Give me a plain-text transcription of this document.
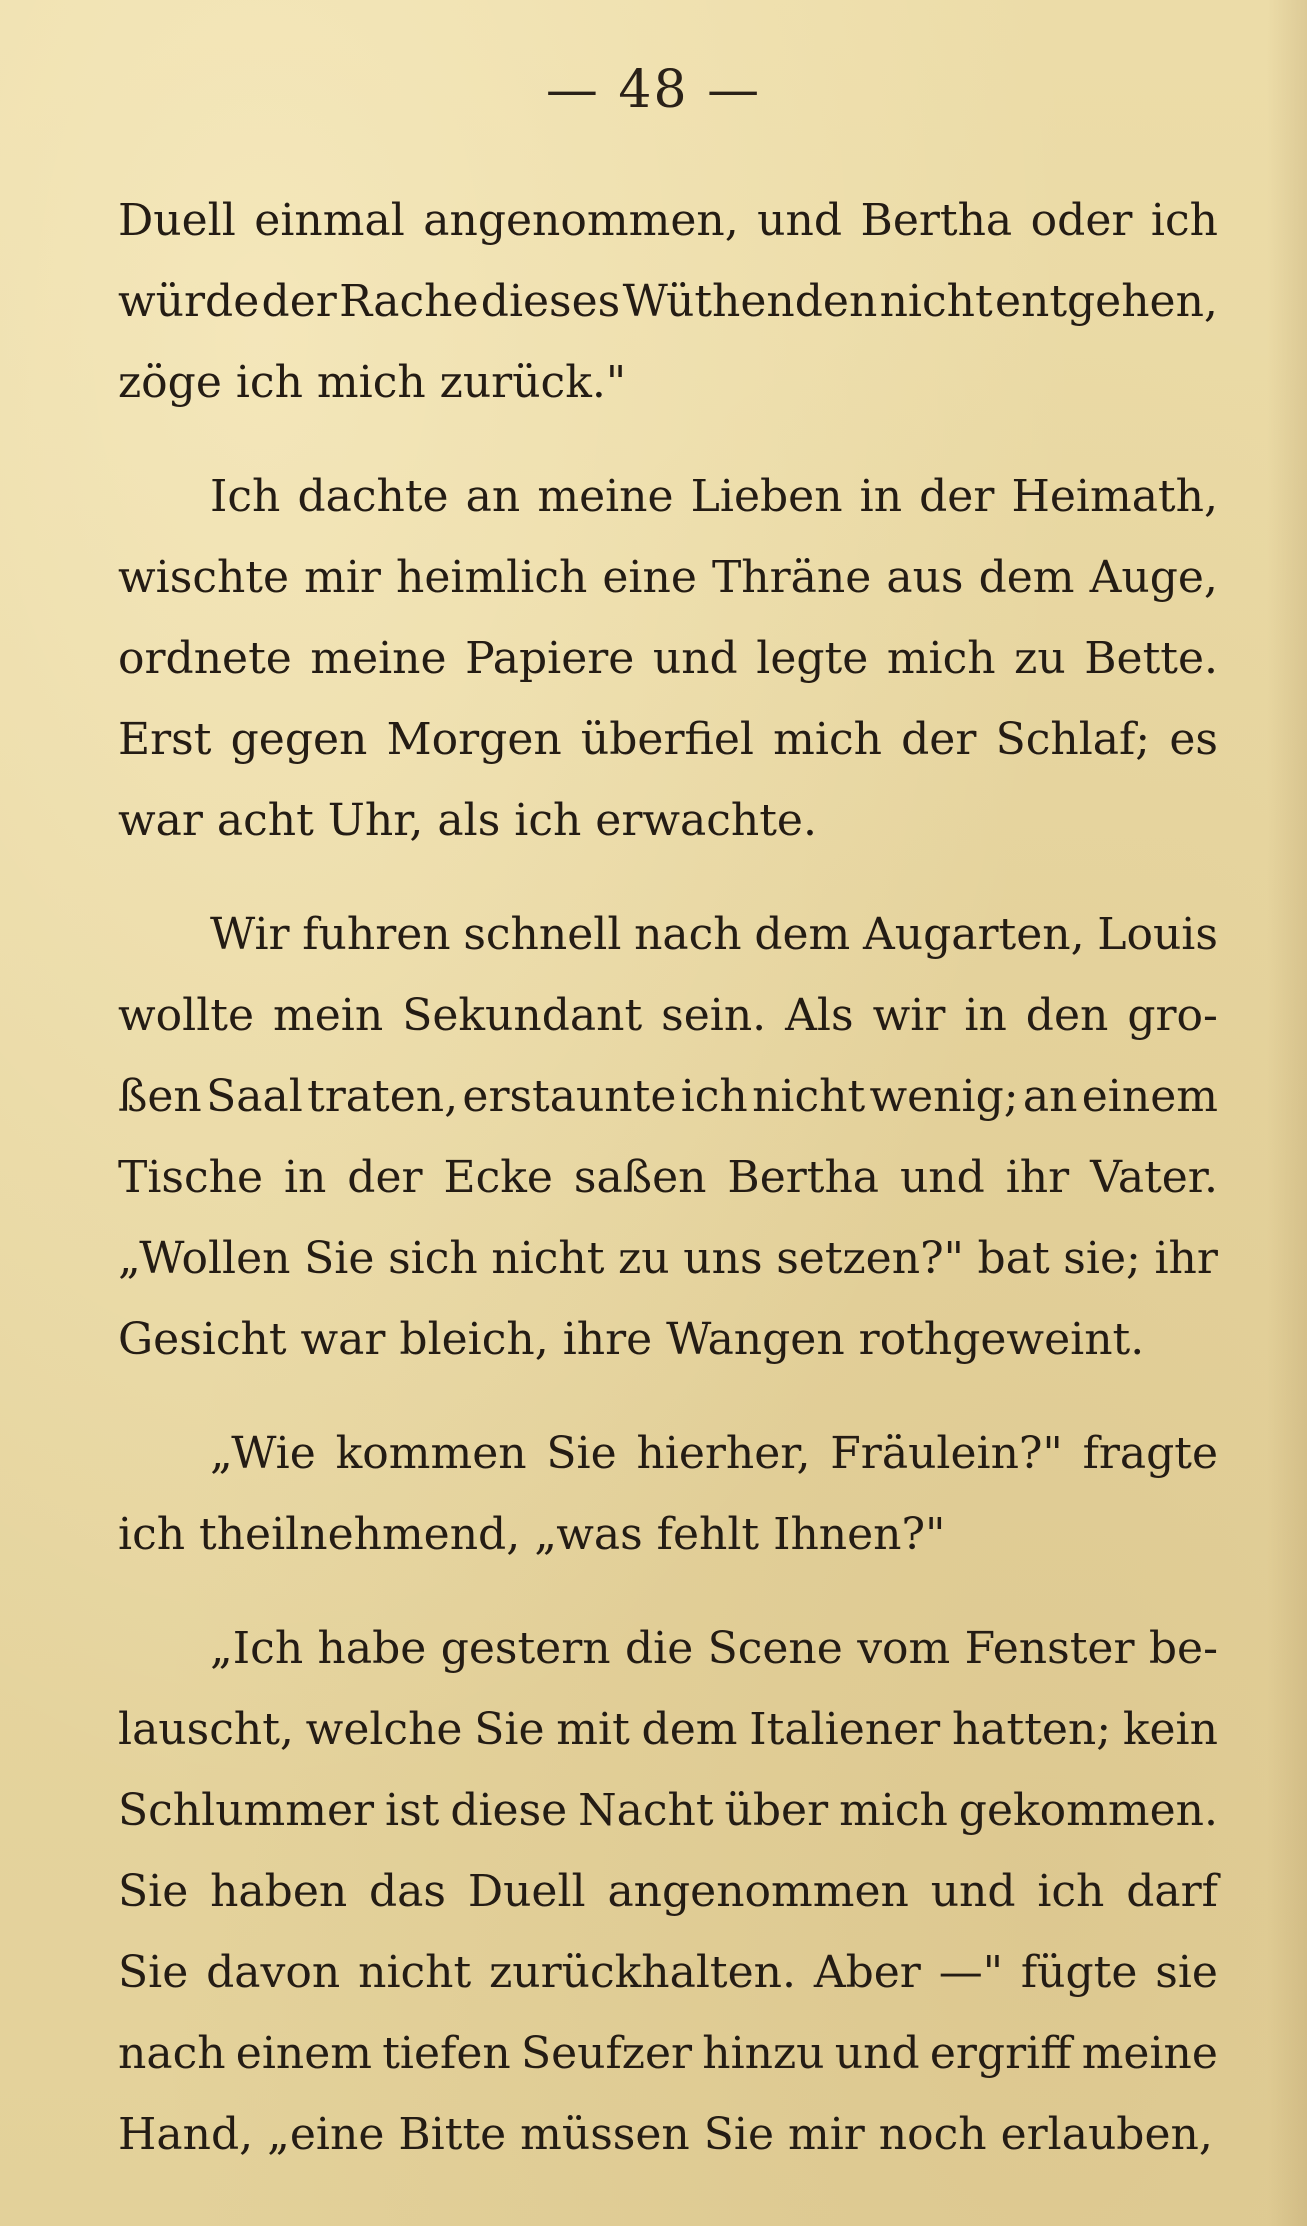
— 48 —
Duell einmal angenommen, und Bertha oder ich
würde der Rache dieses Wüthenden nicht entgehen,
zöge ich mich zurück."
Ich dachte an meine Lieben in der Heimath,
wischte mir heimlich eine Thräne aus dem Auge,
ordnete meine Papiere und legte mich zu Bette.
Erst gegen Morgen überfiel mich der Schlaf; es
war acht Uhr, als ich erwachte.
Wir fuhren schnell nach dem Augarten, Louis
wollte mein Sekundant sein. Als wir in den gro-
ßen Saal traten, erstaunte ich nicht wenig; an einem
Tische in der Ecke saßen Bertha und ihr Vater.
„Wollen Sie sich nicht zu uns setzen?" bat sie; ihr
Gesicht war bleich, ihre Wangen rothgeweint.
„Wie kommen Sie hierher, Fräulein?" fragte
ich theilnehmend, „was fehlt Ihnen?"
„Ich habe gestern die Scene vom Fenster be-
lauscht, welche Sie mit dem Italiener hatten; kein
Schlummer ist diese Nacht über mich gekommen.
Sie haben das Duell angenommen und ich darf
Sie davon nicht zurückhalten. Aber —" fügte sie
nach einem tiefen Seufzer hinzu und ergriff meine
Hand, „eine Bitte müssen Sie mir noch erlauben,
